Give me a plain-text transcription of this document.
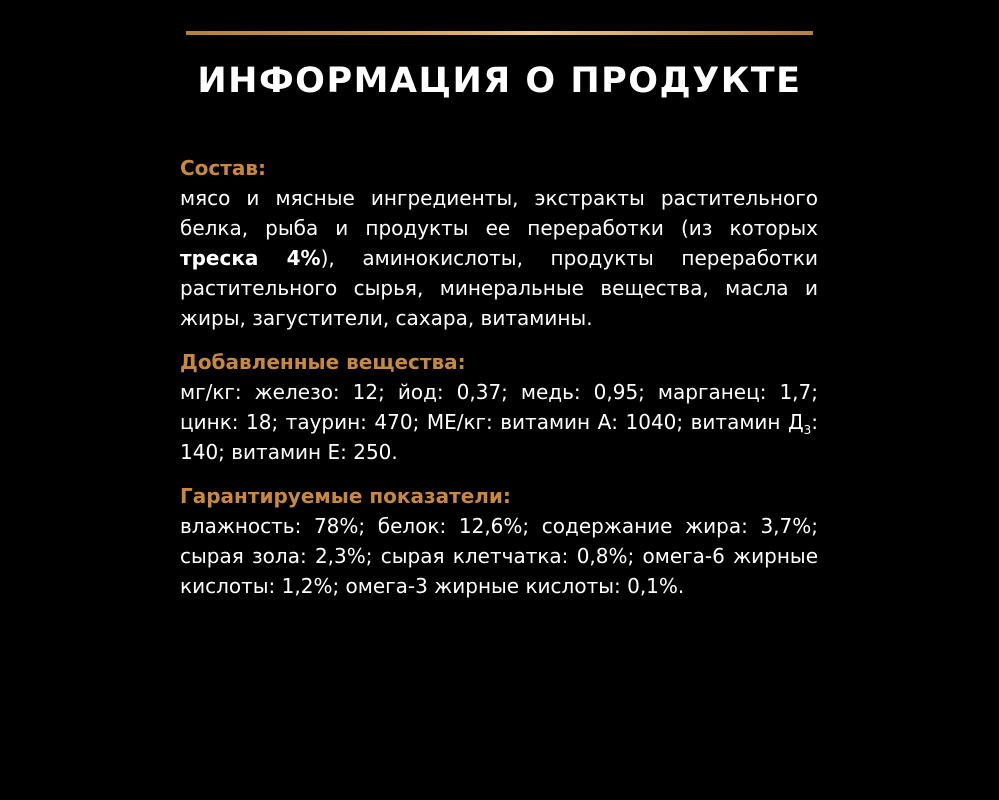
ИНФОРМАЦИЯ О ПРОДУКТЕ

Состав:

мясо и мясные ингредиенты, экстракты растительного белка, рыба и продукты ее переработки (из которых треска 4%), аминокислоты, продукты переработки растительного сырья, минеральные вещества, масла и жиры, загустители, сахара, витамины.

Добавленные вещества:

мг/кг: железо: 12; йод: 0,37; медь: 0,95; марганец: 1,7; цинк: 18; таурин: 470; МЕ/кг: витамин А: 1040; витамин $Д_3$: 140; витамин Е: 250.

Гарантируемые показатели:

влажность: 78%; белок: 12,6%; содержание жира: 3,7%; сырая зола: 2,3%; сырая клетчатка: 0,8%; омега-6 жирные кислоты: 1,2%; омега-3 жирные кислоты: 0,1%.
